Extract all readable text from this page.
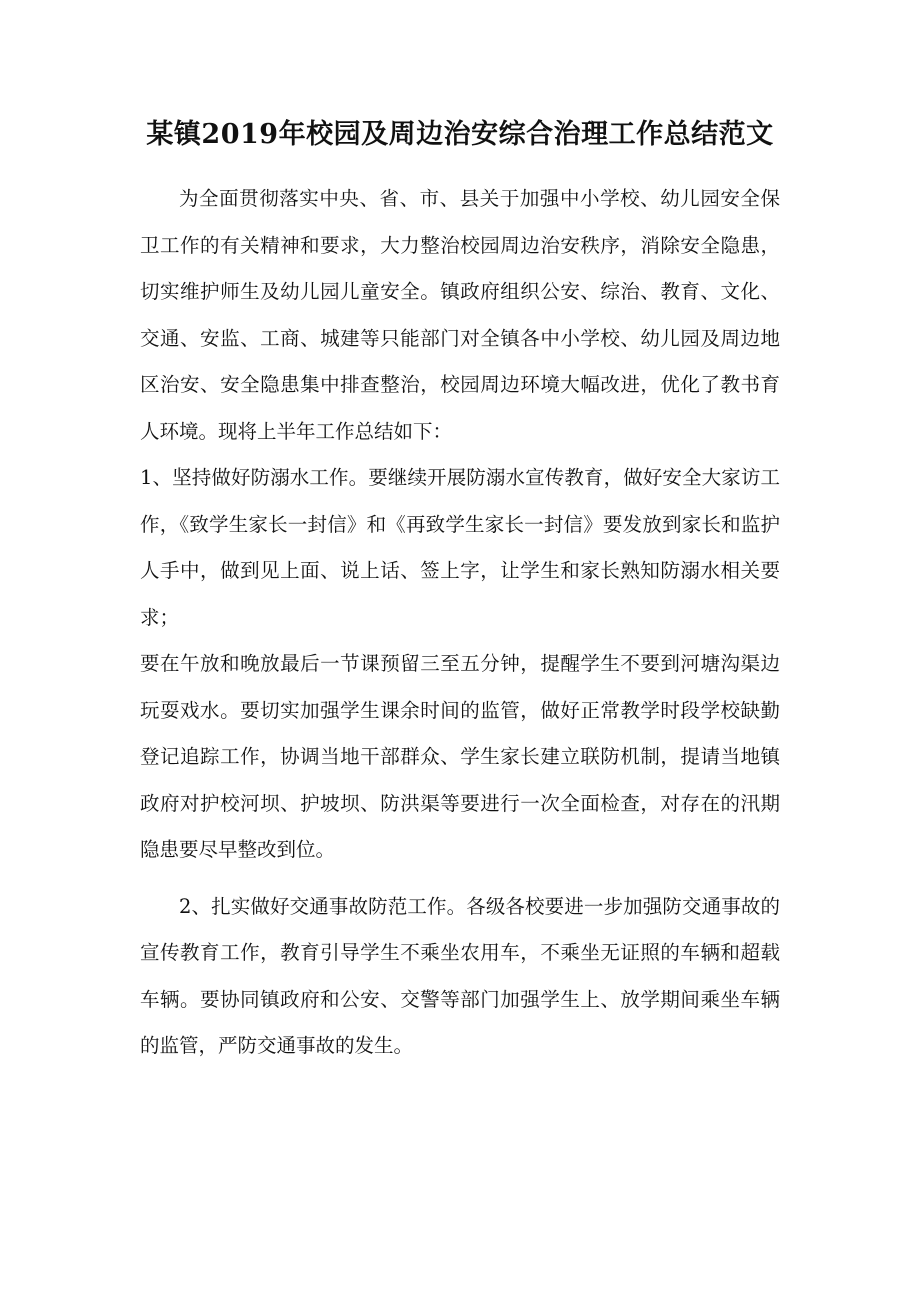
某镇2019年校园及周边治安综合治理工作总结范文

为全面贯彻落实中央、省、市、县关于加强中小学校、幼儿园安全保卫工作的有关精神和要求，大力整治校园周边治安秩序，消除安全隐患，切实维护师生及幼儿园儿童安全。镇政府组织公安、综治、教育、文化、交通、安监、工商、城建等只能部门对全镇各中小学校、幼儿园及周边地区治安、安全隐患集中排查整治，校园周边环境大幅改进，优化了教书育人环境。现将上半年工作总结如下：

1、坚持做好防溺水工作。要继续开展防溺水宣传教育，做好安全大家访工作，《致学生家长一封信》和《再致学生家长一封信》要发放到家长和监护人手中，做到见上面、说上话、签上字，让学生和家长熟知防溺水相关要求；

要在午放和晚放最后一节课预留三至五分钟，提醒学生不要到河塘沟渠边玩耍戏水。要切实加强学生课余时间的监管，做好正常教学时段学校缺勤登记追踪工作，协调当地干部群众、学生家长建立联防机制，提请当地镇政府对护校河坝、护坡坝、防洪渠等要进行一次全面检查，对存在的汛期隐患要尽早整改到位。

2、扎实做好交通事故防范工作。各级各校要进一步加强防交通事故的宣传教育工作，教育引导学生不乘坐农用车，不乘坐无证照的车辆和超载车辆。要协同镇政府和公安、交警等部门加强学生上、放学期间乘坐车辆的监管，严防交通事故的发生。
